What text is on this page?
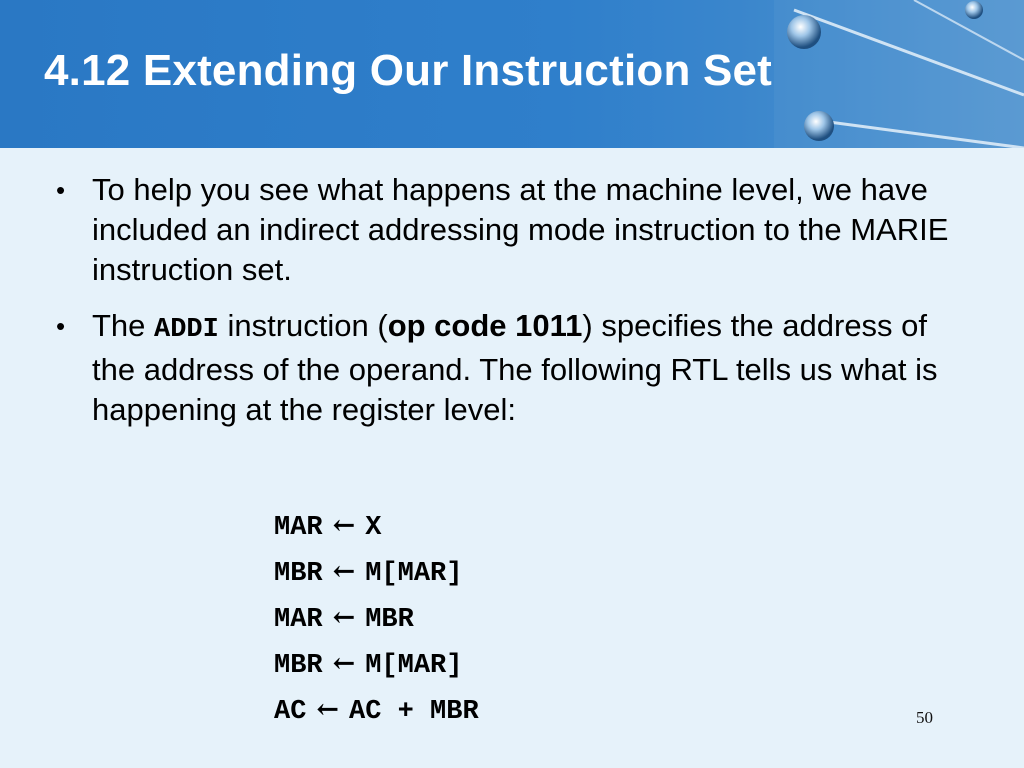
4.12 Extending Our Instruction Set
• To help you see what happens at the machine level, we have included an indirect addressing mode instruction to the MARIE instruction set.
• The ADDI instruction (op code 1011) specifies the address of the address of the operand. The following RTL tells us what is happening at the register level:
MAR ← X
MBR ← M[MAR]
MAR ← MBR
MBR ← M[MAR]
AC ← AC + MBR	50
